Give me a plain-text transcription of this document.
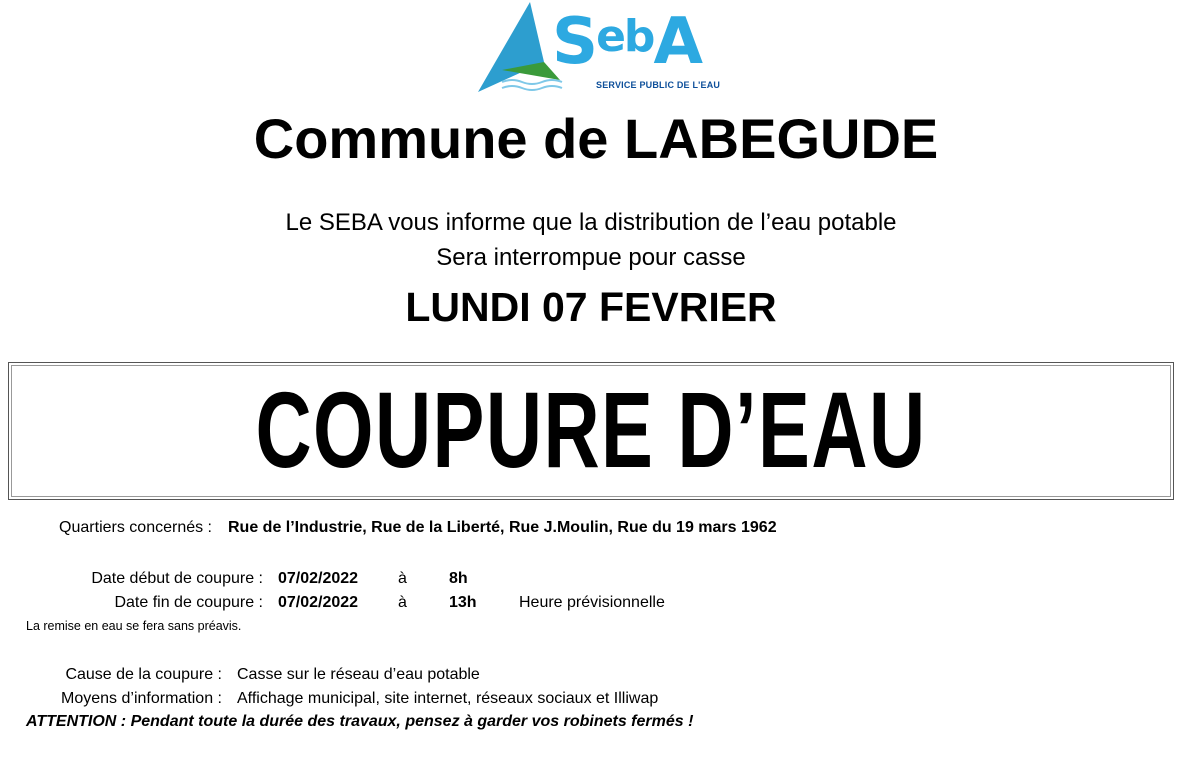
SebA
SERVICE PUBLIC DE L'EAU
Commune de LABEGUDE
Le SEBA vous informe que la distribution de l’eau potable
Sera interrompue pour casse
LUNDI 07 FEVRIER
COUPURE D’EAU
Quartiers concernés : Rue de l’Industrie, Rue de la Liberté, Rue J.Moulin, Rue du 19 mars 1962
Date début de coupure : 07/02/2022 à	8h
Date fin de coupure : 07/02/2022 à	13h	Heure prévisionnelle
La remise en eau se fera sans préavis.
Cause de la coupure : Casse sur le réseau d’eau potable
Moyens d’information : Affichage municipal, site internet, réseaux sociaux et Illiwap
ATTENTION : Pendant toute la durée des travaux, pensez à garder vos robinets fermés !
